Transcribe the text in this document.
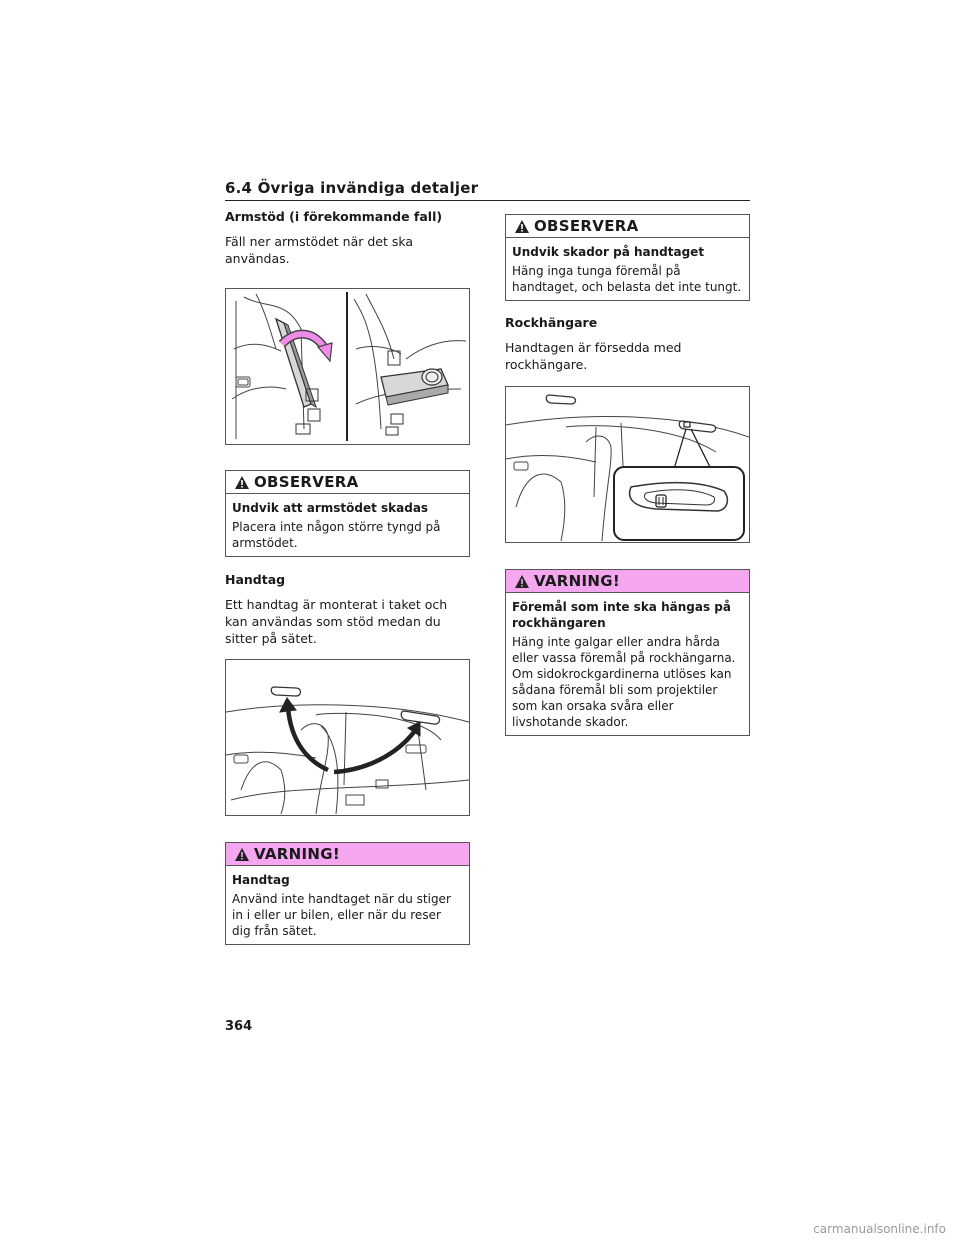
6.4 Övriga invändiga detaljer
Armstöd (i förekommande fall)
Fäll ner armstödet när det ska användas.
OBSERVERA
Undvik att armstödet skadas
Placera inte någon större tyngd på armstödet.
Handtag
Ett handtag är monterat i taket och kan användas som stöd medan du sitter på sätet.
VARNING!
Handtag
Använd inte handtaget när du stiger in i eller ur bilen, eller när du reser dig från sätet.
OBSERVERA
Undvik skador på handtaget
Häng inga tunga föremål på handtaget, och belasta det inte tungt.
Rockhängare
Handtagen är försedda med rockhängare.
VARNING!
Föremål som inte ska hängas på rockhängaren
Häng inte galgar eller andra hårda eller vassa föremål på rockhängarna.
Om sidokrockgardinerna utlöses kan sådana föremål bli som projektiler som kan orsaka svåra eller livshotande skador.
364
carmanualsonline.info
